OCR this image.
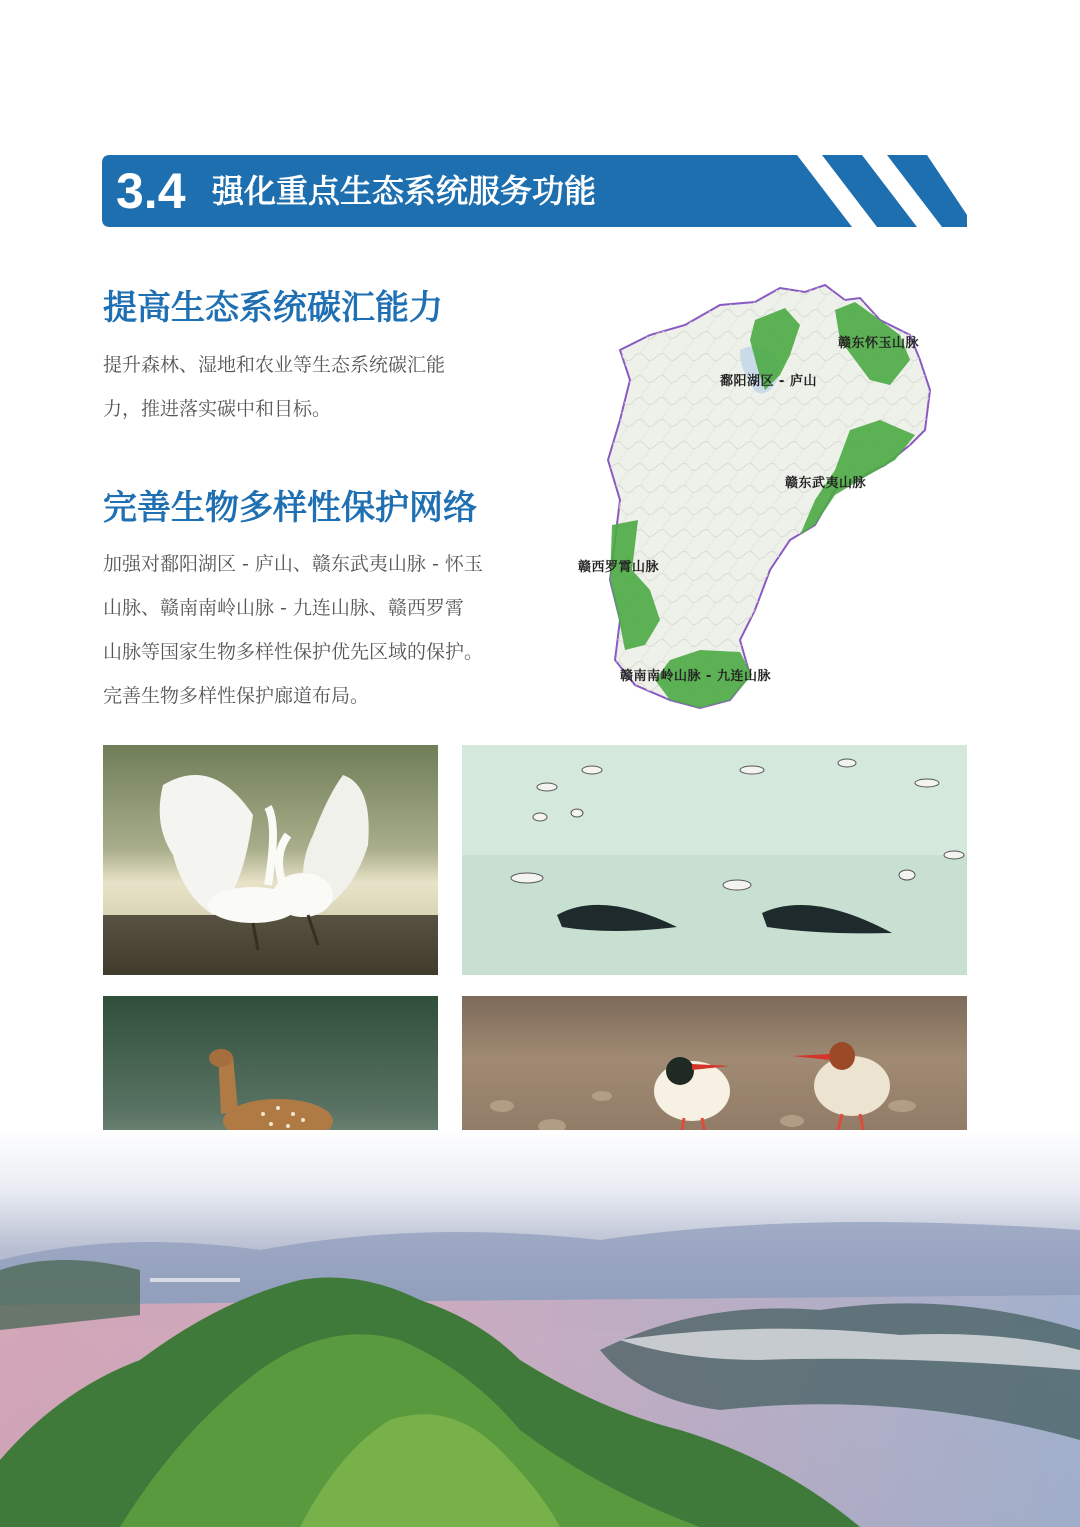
3.4 强化重点生态系统服务功能
提高生态系统碳汇能力
提升森林、湿地和农业等生态系统碳汇能
力，推进落实碳中和目标。
完善生物多样性保护网络
加强对鄱阳湖区 - 庐山、赣东武夷山脉 - 怀玉
山脉、赣南南岭山脉 - 九连山脉、赣西罗霄
山脉等国家生物多样性保护优先区域的保护。
完善生物多样性保护廊道布局。
赣东怀玉山脉
鄱阳湖区 - 庐山
赣东武夷山脉
赣西罗霄山脉
赣南南岭山脉 - 九连山脉
